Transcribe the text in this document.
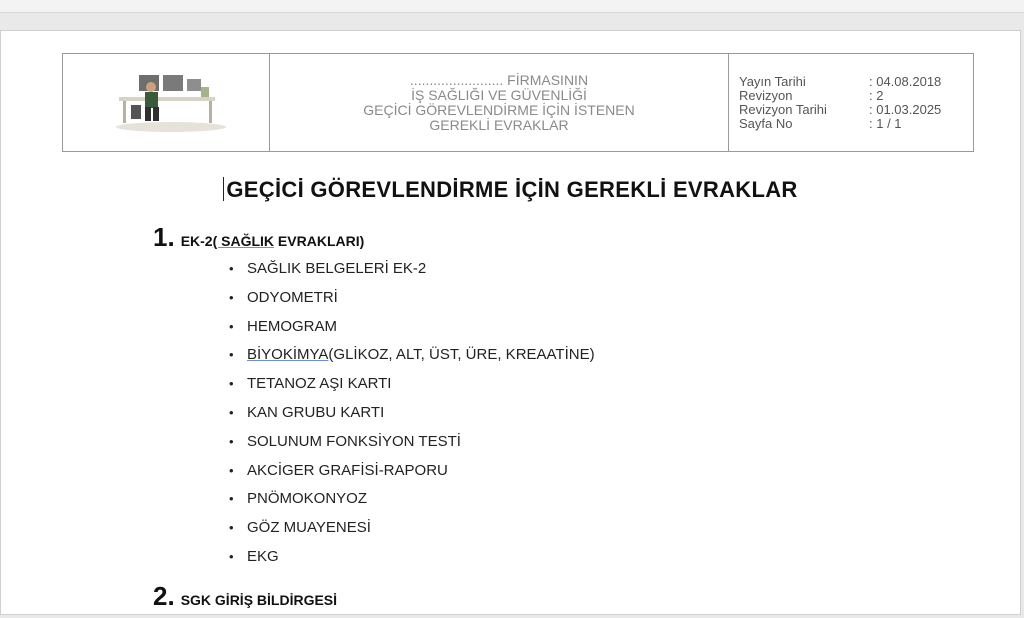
........................ FİRMASININ
İŞ SAĞLIĞI VE GÜVENLİĞİ
GEÇİCİ GÖREVLENDİRME İÇİN İSTENEN
GEREKLİ EVRAKLAR

Yayın Tarihi	: 04.08.2018
Revizyon	: 2
Revizyon Tarihi	: 01.03.2025
Sayfa No	: 1 / 1
GEÇİCİ GÖREVLENDİRME İÇİN GEREKLİ EVRAKLAR
1. EK-2( SAĞLIK EVRAKLARI)
• SAĞLIK BELGELERİ EK-2
• ODYOMETRİ
• HEMOGRAM
• BİYOKİMYA(GLİKOZ, ALT, ÜST, ÜRE, KREAATİNE)
• TETANOZ AŞI KARTI
• KAN GRUBU KARTI
• SOLUNUM FONKSİYON TESTİ
• AKCİGER GRAFİSİ-RAPORU
• PNÖMOKONYOZ
• GÖZ MUAYENESİ
• EKG
2. SGK GİRİŞ BİLDİRGESİ
